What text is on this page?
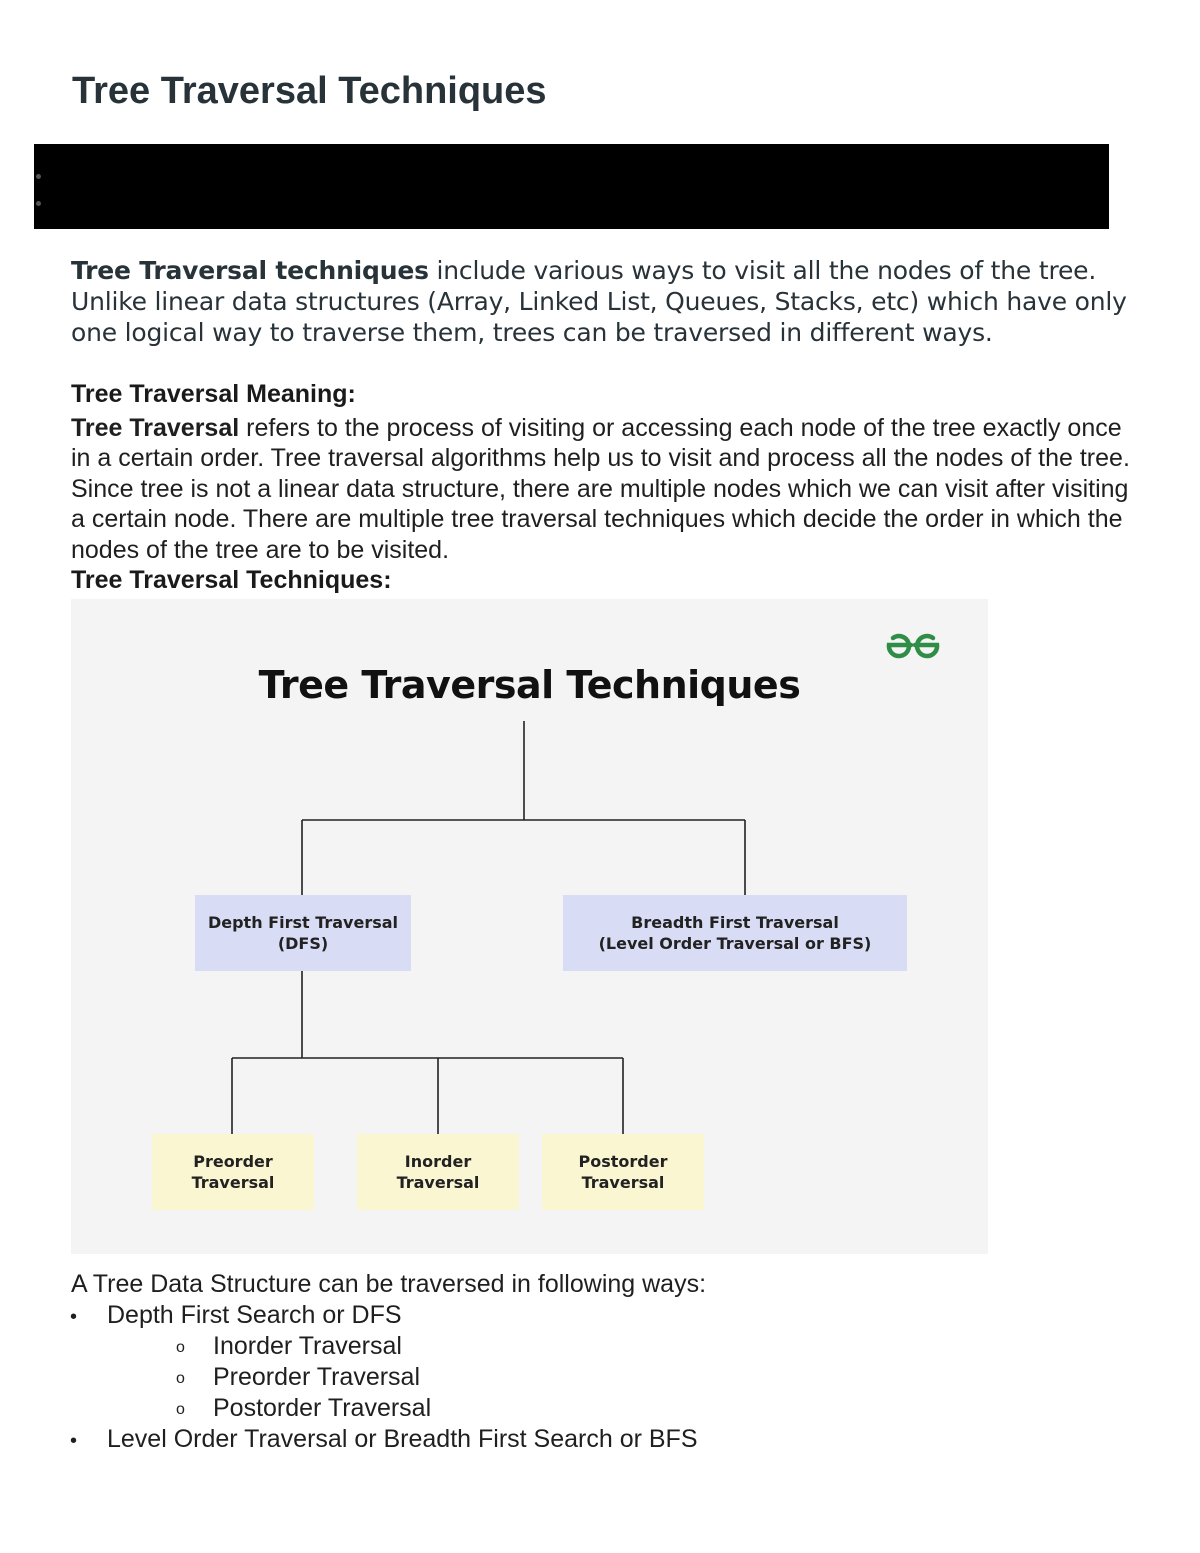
Tree Traversal Techniques

Tree Traversal techniques include various ways to visit all the nodes of the tree. Unlike linear data structures (Array, Linked List, Queues, Stacks, etc) which have only one logical way to traverse them, trees can be traversed in different ways.

Tree Traversal Meaning:

Tree Traversal refers to the process of visiting or accessing each node of the tree exactly once in a certain order. Tree traversal algorithms help us to visit and process all the nodes of the tree. Since tree is not a linear data structure, there are multiple nodes which we can visit after visiting a certain node. There are multiple tree traversal techniques which decide the order in which the nodes of the tree are to be visited.

Tree Traversal Techniques:
Tree Traversal Techniques
Depth First Traversal
(DFS)
Breadth First Traversal
(Level Order Traversal or BFS)
Preorder
Traversal
Inorder
Traversal
Postorder
Traversal

A Tree Data Structure can be traversed in following ways:

• Depth First Search or DFS
o Inorder Traversal
o Preorder Traversal
o Postorder Traversal
• Level Order Traversal or Breadth First Search or BFS
